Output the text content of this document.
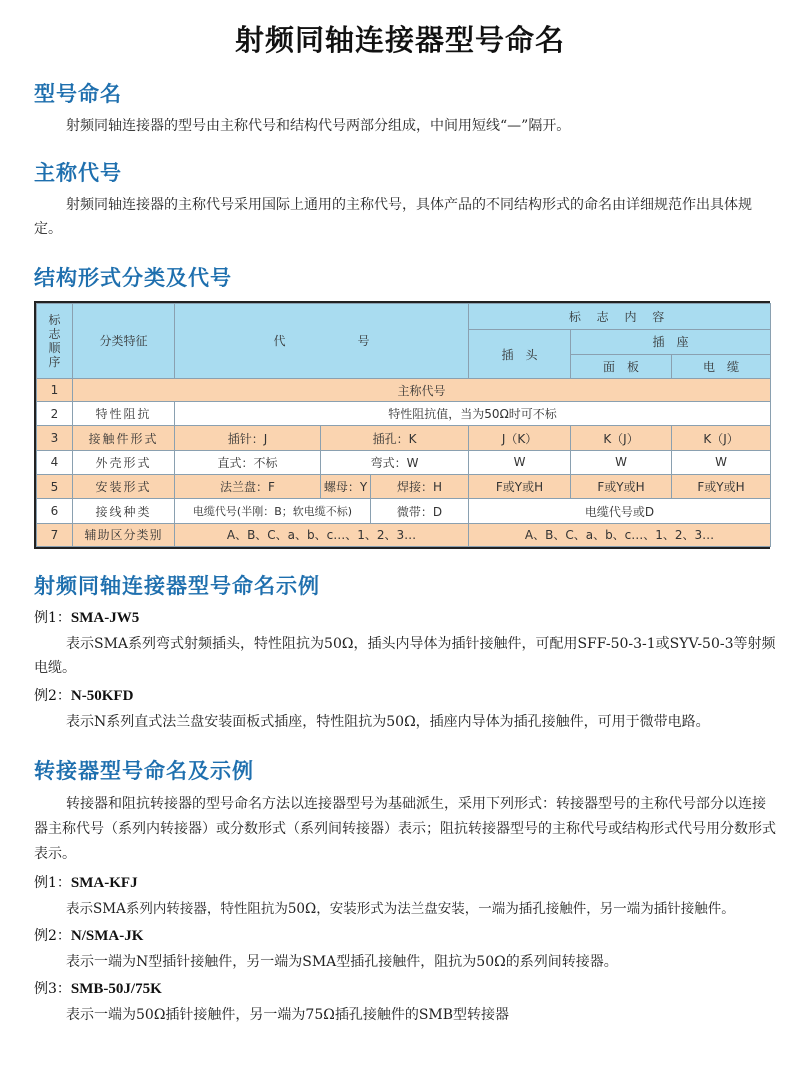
射频同轴连接器型号命名
型号命名
射频同轴连接器的型号由主称代号和结构代号两部分组成，中间用短线“—”隔开。
主称代号
射频同轴连接器的主称代号采用国际上通用的主称代号，具体产品的不同结构形式的命名由详细规范作出具体规定。
结构形式分类及代号
标志顺序	分类特征	代　　　　　　号			标 志 内 容		
					插　头	插　座	
						面　板	电　缆
1	主称代号						
2	特性阻抗	特性阻抗值，当为50Ω时可不标					
3	接触件形式	插针：J	插孔：K		J（K）	K（J）	K（J）
4	外壳形式	直式：不标	弯式：W		W	W	W
5	安装形式	法兰盘：F	螺母：Y	焊接：H	F或Y或H	F或Y或H	F或Y或H
6	接线种类	电缆代号(半刚：B；软电缆不标)		微带：D	电缆代号或D		
7	辅助区分类别	A、B、C、a、b、c…、1、2、3…			A、B、C、a、b、c…、1、2、3…		
射频同轴连接器型号命名示例
例1：SMA-JW5
表示SMA系列弯式射频插头，特性阻抗为50Ω，插头内导体为插针接触件，可配用SFF-50-3-1或SYV-50-3等射频电缆。
例2：N-50KFD
表示N系列直式法兰盘安装面板式插座，特性阻抗为50Ω，插座内导体为插孔接触件，可用于微带电路。
转接器型号命名及示例
转接器和阻抗转接器的型号命名方法以连接器型号为基础派生，采用下列形式：转接器型号的主称代号部分以连接器主称代号（系列内转接器）或分数形式（系列间转接器）表示；阻抗转接器型号的主称代号或结构形式代号用分数形式表示。
例1：SMA-KFJ
表示SMA系列内转接器，特性阻抗为50Ω，安装形式为法兰盘安装，一端为插孔接触件，另一端为插针接触件。
例2：N/SMA-JK
表示一端为N型插针接触件，另一端为SMA型插孔接触件，阻抗为50Ω的系列间转接器。
例3：SMB-50J/75K
表示一端为50Ω插针接触件，另一端为75Ω插孔接触件的SMB型转接器
